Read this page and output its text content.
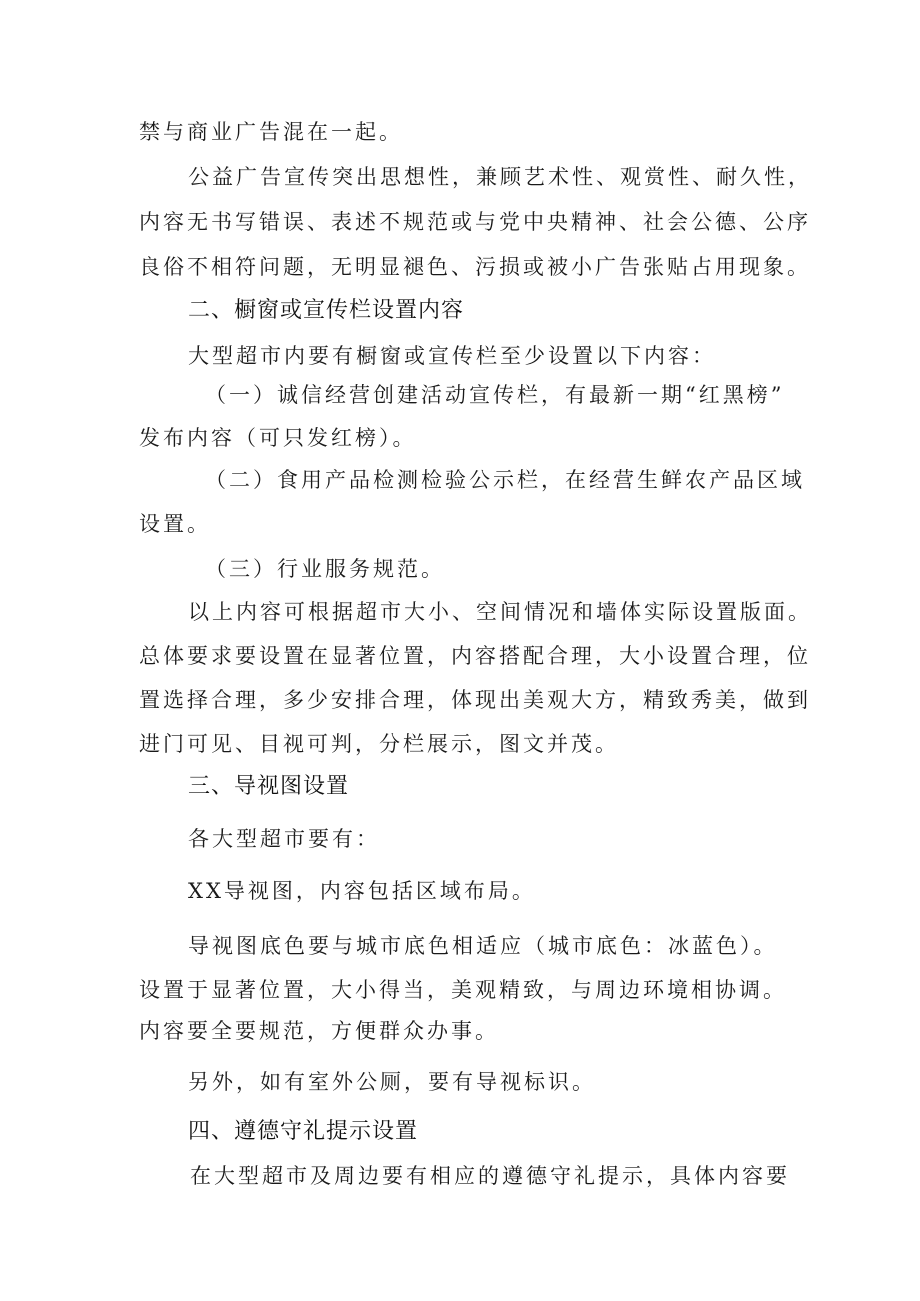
禁与商业广告混在一起。
公益广告宣传突出思想性，兼顾艺术性、观赏性、耐久性，
内容无书写错误、表述不规范或与党中央精神、社会公德、公序
良俗不相符问题，无明显褪色、污损或被小广告张贴占用现象。
二、橱窗或宣传栏设置内容
大型超市内要有橱窗或宣传栏至少设置以下内容：
（一）诚信经营创建活动宣传栏，有最新一期“红黑榜”
发布内容（可只发红榜）。
（二）食用产品检测检验公示栏，在经营生鲜农产品区域
设置。
（三）行业服务规范。
以上内容可根据超市大小、空间情况和墙体实际设置版面。
总体要求要设置在显著位置，内容搭配合理，大小设置合理，位
置选择合理，多少安排合理，体现出美观大方，精致秀美，做到
进门可见、目视可判，分栏展示，图文并茂。
三、导视图设置
各大型超市要有：
XX导视图，内容包括区域布局。
导视图底色要与城市底色相适应（城市底色：冰蓝色）。
设置于显著位置，大小得当，美观精致，与周边环境相协调。
内容要全要规范，方便群众办事。
另外，如有室外公厕，要有导视标识。
四、遵德守礼提示设置
在大型超市及周边要有相应的遵德守礼提示，具体内容要
